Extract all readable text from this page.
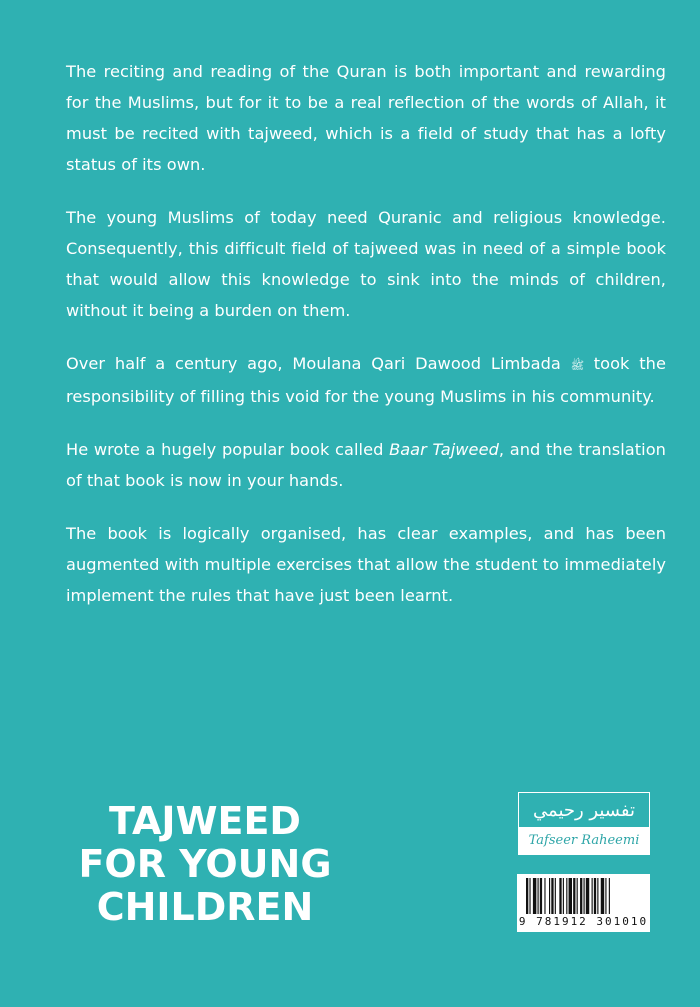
The reciting and reading of the Quran is both important and rewarding for the Muslims, but for it to be a real reflection of the words of Allah, it must be recited with tajweed, which is a field of study that has a lofty status of its own.

The young Muslims of today need Quranic and religious knowledge. Consequently, this difficult field of tajweed was in need of a simple book that would allow this knowledge to sink into the minds of children, without it being a burden on them.

Over half a century ago, Moulana Qari Dawood Limbada ﷺ took the responsibility of filling this void for the young Muslims in his community.

He wrote a hugely popular book called Baar Tajweed, and the translation of that book is now in your hands.

The book is logically organised, has clear examples, and has been augmented with multiple exercises that allow the student to immediately implement the rules that have just been learnt.

TAJWEED
FOR YOUNG
CHILDREN
تفسير رحيمي
Tafseer Raheemi
9 781912 301010
